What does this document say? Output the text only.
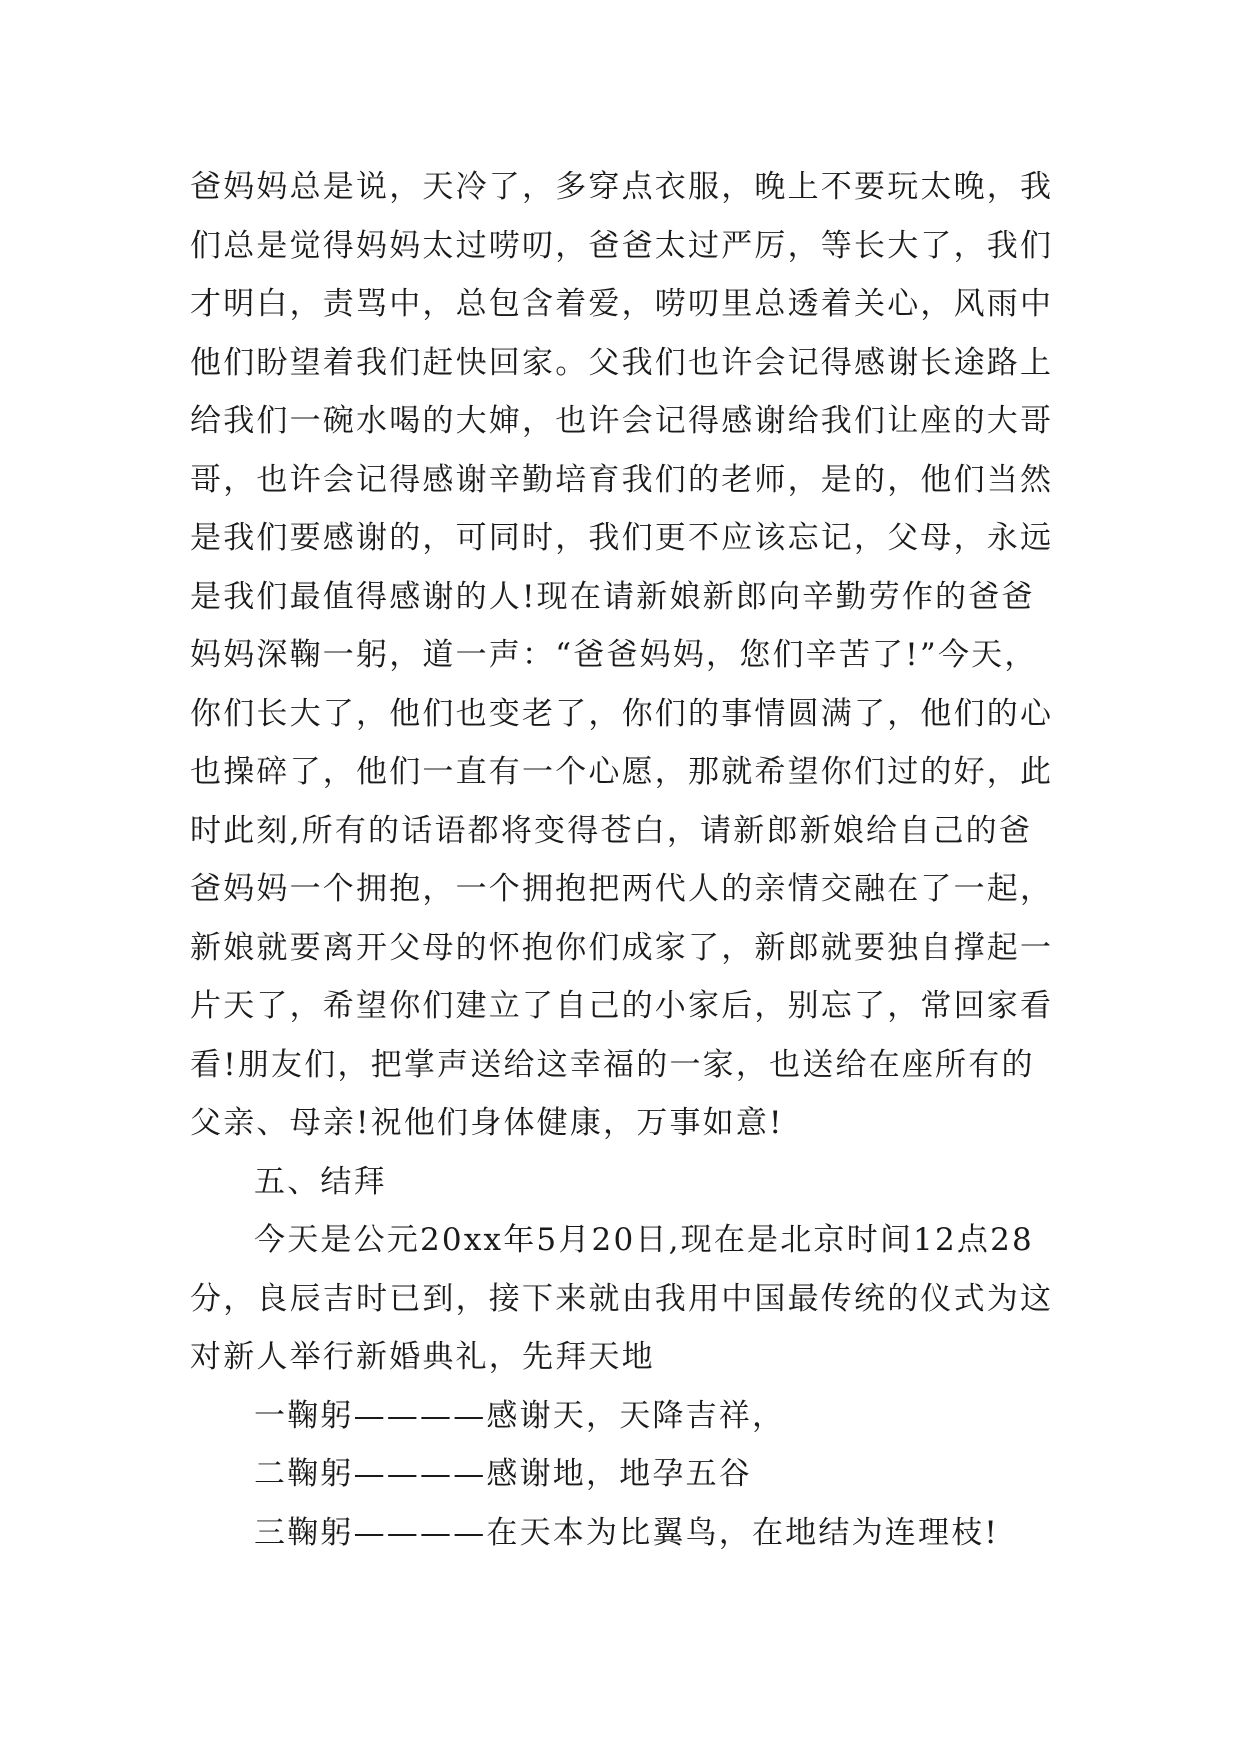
爸妈妈总是说，天冷了，多穿点衣服，晚上不要玩太晚，我
们总是觉得妈妈太过唠叨，爸爸太过严厉，等长大了，我们
才明白，责骂中，总包含着爱，唠叨里总透着关心，风雨中
他们盼望着我们赶快回家。父我们也许会记得感谢长途路上
给我们一碗水喝的大婶，也许会记得感谢给我们让座的大哥
哥，也许会记得感谢辛勤培育我们的老师，是的，他们当然
是我们要感谢的，可同时，我们更不应该忘记，父母，永远
是我们最值得感谢的人!现在请新娘新郎向辛勤劳作的爸爸
妈妈深鞠一躬，道一声：“爸爸妈妈，您们辛苦了!”今天，
你们长大了，他们也变老了，你们的事情圆满了，他们的心
也操碎了，他们一直有一个心愿，那就希望你们过的好，此
时此刻,所有的话语都将变得苍白，请新郎新娘给自己的爸
爸妈妈一个拥抱，一个拥抱把两代人的亲情交融在了一起，
新娘就要离开父母的怀抱你们成家了，新郎就要独自撑起一
片天了，希望你们建立了自己的小家后，别忘了，常回家看
看!朋友们，把掌声送给这幸福的一家，也送给在座所有的
父亲、母亲!祝他们身体健康，万事如意!
五、结拜
今天是公元20xx年5月20日,现在是北京时间12点28
分，良辰吉时已到，接下来就由我用中国最传统的仪式为这
对新人举行新婚典礼，先拜天地
一鞠躬————感谢天，天降吉祥，
二鞠躬————感谢地，地孕五谷
三鞠躬————在天本为比翼鸟，在地结为连理枝!
